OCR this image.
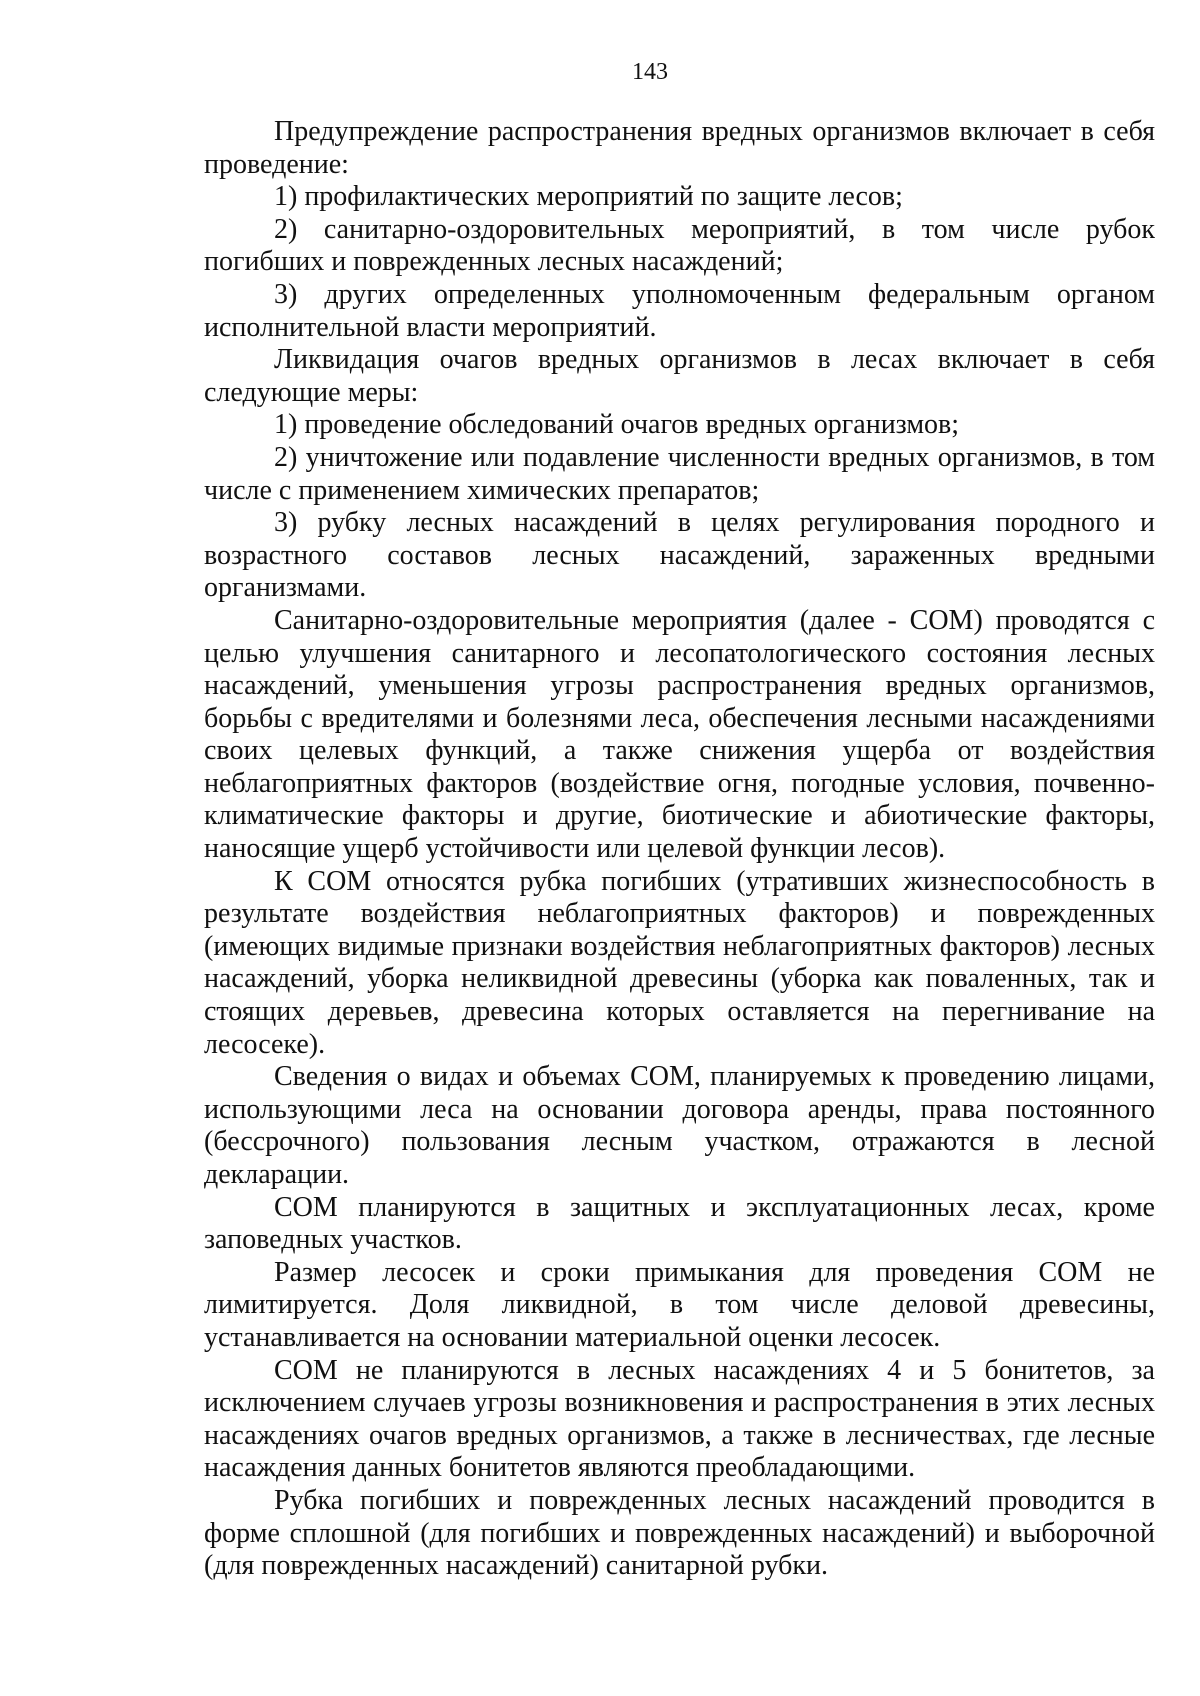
143

Предупреждение распространения вредных организмов включает в себя проведение:

1) профилактических мероприятий по защите лесов;

2) санитарно-оздоровительных мероприятий, в том числе рубок погибших и поврежденных лесных насаждений;

3) других определенных уполномоченным федеральным органом исполнительной власти мероприятий.

Ликвидация очагов вредных организмов в лесах включает в себя следующие меры:

1) проведение обследований очагов вредных организмов;

2) уничтожение или подавление численности вредных организмов, в том числе с применением химических препаратов;

3) рубку лесных насаждений в целях регулирования породного и возрастного составов лесных насаждений, зараженных вредными организмами.

Санитарно-оздоровительные мероприятия (далее - СОМ) проводятся с целью улучшения санитарного и лесопатологического состояния лесных насаждений, уменьшения угрозы распространения вредных организмов, борьбы с вредителями и болезнями леса, обеспечения лесными насаждениями своих целевых функций, а также снижения ущерба от воздействия неблагоприятных факторов (воздействие огня, погодные условия, почвенно-климатические факторы и другие, биотические и абиотические факторы, наносящие ущерб устойчивости или целевой функции лесов).

К СОМ относятся рубка погибших (утративших жизнеспособность в результате воздействия неблагоприятных факторов) и поврежденных (имеющих видимые признаки воздействия неблагоприятных факторов) лесных насаждений, уборка неликвидной древесины (уборка как поваленных, так и стоящих деревьев, древесина которых оставляется на перегнивание на лесосеке).

Сведения о видах и объемах СОМ, планируемых к проведению лицами, использующими леса на основании договора аренды, права постоянного (бессрочного) пользования лесным участком, отражаются в лесной декларации.

СОМ планируются в защитных и эксплуатационных лесах, кроме заповедных участков.

Размер лесосек и сроки примыкания для проведения СОМ не лимитируется. Доля ликвидной, в том числе деловой древесины, устанавливается на основании материальной оценки лесосек.

СОМ не планируются в лесных насаждениях 4 и 5 бонитетов, за исключением случаев угрозы возникновения и распространения в этих лесных насаждениях очагов вредных организмов, а также в лесничествах, где лесные насаждения данных бонитетов являются преобладающими.

Рубка погибших и поврежденных лесных насаждений проводится в форме сплошной (для погибших и поврежденных насаждений) и выборочной (для поврежденных насаждений) санитарной рубки.
